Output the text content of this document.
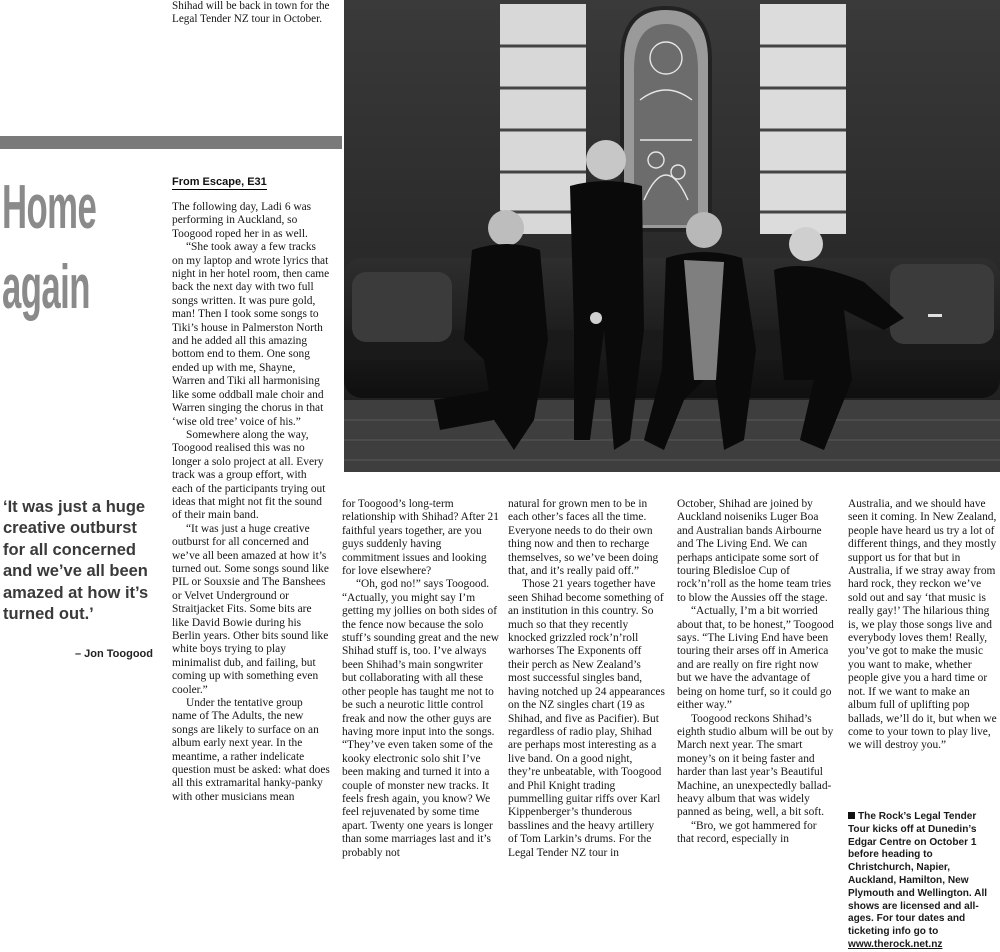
Shihad will be back in town for the Legal Tender NZ tour in October.
Home
again
From Escape, E31

The following day, Ladi 6 was performing in Auckland, so Toogood roped her in as well.

“She took away a few tracks on my laptop and wrote lyrics that night in her hotel room, then came back the next day with two full songs written. It was pure gold, man! Then I took some songs to Tiki’s house in Palmerston North and he added all this amazing bottom end to them. One song ended up with me, Shayne, Warren and Tiki all harmonising like some oddball male choir and Warren singing the chorus in that ‘wise old tree’ voice of his.”

Somewhere along the way, Toogood realised this was no longer a solo project at all. Every track was a group effort, with each of the participants trying out ideas that might not fit the sound of their main band.

“It was just a huge creative outburst for all concerned and we’ve all been amazed at how it’s turned out. Some songs sound like PIL or Souxsie and The Banshees or Velvet Underground or Straitjacket Fits. Some bits are like David Bowie during his Berlin years. Other bits sound like white boys trying to play minimalist dub, and failing, but coming up with something even cooler.”

Under the tentative group name of The Adults, the new songs are likely to surface on an album early next year. In the meantime, a rather indelicate question must be asked: what does all this extramarital hanky-panky with other musicians mean

‘It was just a huge creative outburst for all concerned and we’ve all been amazed at how it’s turned out.’
– Jon Toogood

for Toogood’s long-term relationship with Shihad? After 21 faithful years together, are you guys suddenly having commitment issues and looking for love elsewhere?

“Oh, god no!” says Toogood. “Actually, you might say I’m getting my jollies on both sides of the fence now because the solo stuff’s sounding great and the new Shihad stuff is, too. I’ve always been Shihad’s main songwriter but collaborating with all these other people has taught me not to be such a neurotic little control freak and now the other guys are having more input into the songs. “They’ve even taken some of the kooky electronic solo shit I’ve been making and turned it into a couple of monster new tracks. It feels fresh again, you know? We feel rejuvenated by some time apart. Twenty one years is longer than some marriages last and it’s probably not

natural for grown men to be in each other’s faces all the time. Everyone needs to do their own thing now and then to recharge themselves, so we’ve been doing that, and it’s really paid off.”

Those 21 years together have seen Shihad become something of an institution in this country. So much so that they recently knocked grizzled rock’n’roll warhorses The Exponents off their perch as New Zealand’s most successful singles band, having notched up 24 appearances on the NZ singles chart (19 as Shihad, and five as Pacifier). But regardless of radio play, Shihad are perhaps most interesting as a live band. On a good night, they’re unbeatable, with Toogood and Phil Knight trading pummelling guitar riffs over Karl Kippenberger’s thunderous basslines and the heavy artillery of Tom Larkin’s drums. For the Legal Tender NZ tour in

October, Shihad are joined by Auckland noiseniks Luger Boa and Australian bands Airbourne and The Living End. We can perhaps anticipate some sort of touring Bledisloe Cup of rock’n’roll as the home team tries to blow the Aussies off the stage.

“Actually, I’m a bit worried about that, to be honest,” Toogood says. “The Living End have been touring their arses off in America and are really on fire right now but we have the advantage of being on home turf, so it could go either way.”

Toogood reckons Shihad’s eighth studio album will be out by March next year. The smart money’s on it being faster and harder than last year’s Beautiful Machine, an unexpectedly ballad-heavy album that was widely panned as being, well, a bit soft.

“Bro, we got hammered for that record, especially in

Australia, and we should have seen it coming. In New Zealand, people have heard us try a lot of different things, and they mostly support us for that but in Australia, if we stray away from hard rock, they reckon we’ve sold out and say ‘that music is really gay!’ The hilarious thing is, we play those songs live and everybody loves them! Really, you’ve got to make the music you want to make, whether people give you a hard time or not. If we want to make an album full of uplifting pop ballads, we’ll do it, but when we come to your town to play live, we will destroy you.”

The Rock’s Legal Tender Tour kicks off at Dunedin’s Edgar Centre on October 1 before heading to Christchurch, Napier, Auckland, Hamilton, New Plymouth and Wellington. All shows are licensed and all-ages. For tour dates and ticketing info go to www.therock.net.nz
